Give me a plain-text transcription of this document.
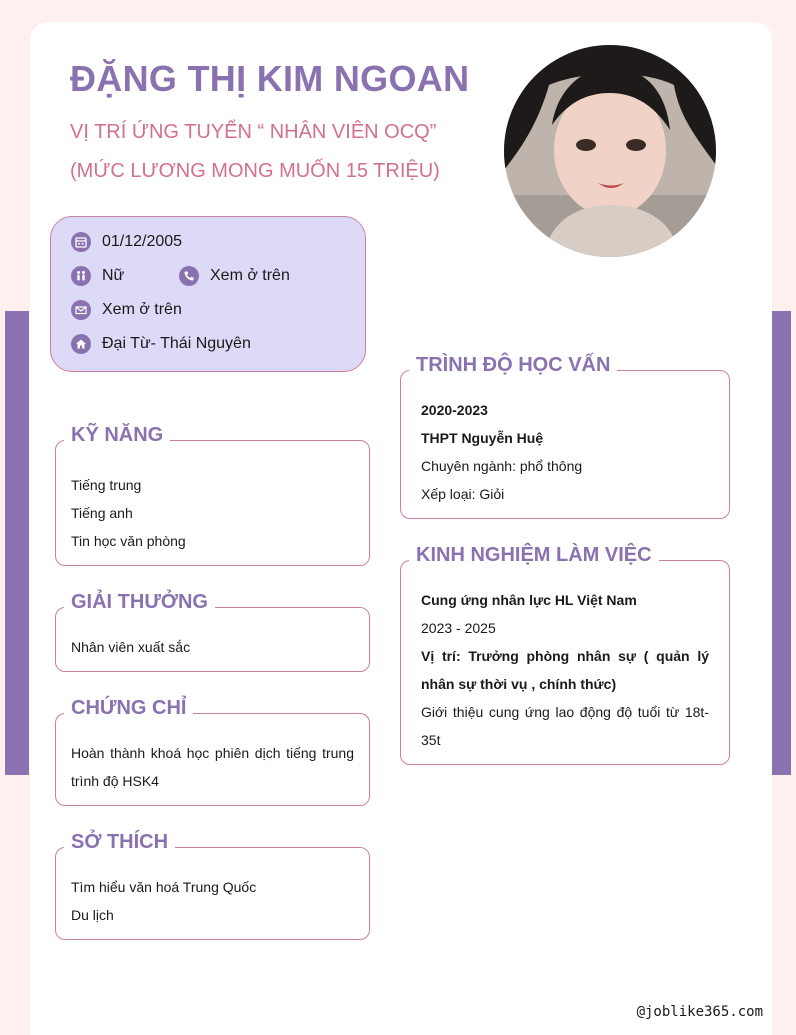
ĐẶNG THỊ KIM NGOAN

VỊ TRÍ ỨNG TUYỂN “ NHÂN VIÊN OCQ”

(MỨC LƯƠNG MONG MUỐN 15 TRIỆU)

01/12/2005
Nữ	Xem ở trên
Xem ở trên
Đại Từ- Thái Nguyên
KỸ NĂNG
Tiếng trung
Tiếng anh
Tin học văn phòng
GIẢI THƯỞNG
Nhân viên xuất sắc
CHỨNG CHỈ
Hoàn thành khoá học phiên dịch tiếng trung trình độ HSK4
SỞ THÍCH
Tìm hiểu văn hoá Trung Quốc
Du lịch
TRÌNH ĐỘ HỌC VẤN
2020-2023
THPT Nguyễn Huệ
Chuyên ngành: phổ thông
Xếp loại: Giỏi
KINH NGHIỆM LÀM VIỆC
Cung ứng nhân lực HL Việt Nam
2023 - 2025
Vị trí: Trưởng phòng nhân sự ( quản lý nhân sự thời vụ , chính thức)
Giới thiệu cung ứng lao động độ tuổi từ 18t-35t
@joblike365.com
